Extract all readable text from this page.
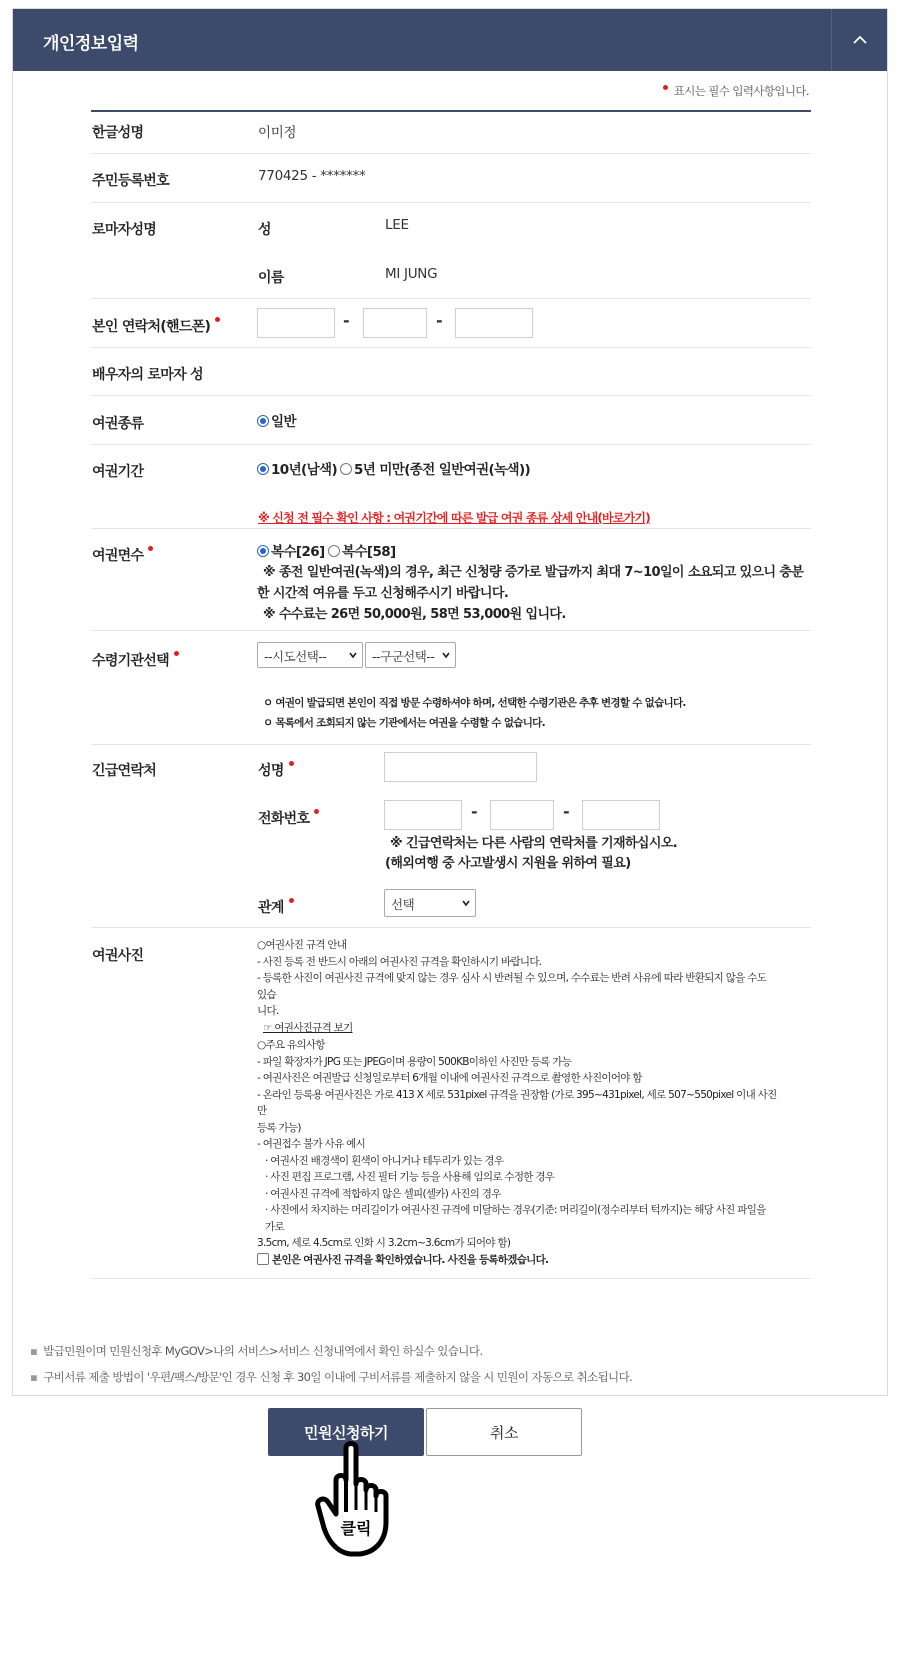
개인정보입력
표시는 필수 입력사항입니다.
한글성명	이미정
주민등록번호	770425 - *******
로마자성명	성	LEE
이름	MI JUNG
본인 연락처(핸드폰)	-	-
배우자의 로마자 성
여권종류	일반
여권기간	10년(남색)	5년 미만(종전 일반여권(녹색))
※ 신청 전 필수 확인 사항 : 여권기간에 따른 발급 여권 종류 상세 안내(바로가기)
여권면수	복수[26]	복수[58]
※ 종전 일반여권(녹색)의 경우, 최근 신청량 증가로 발급까지 최대 7~10일이 소요되고 있으니 충분
한 시간적 여유를 두고 신청해주시기 바랍니다.
※ 수수료는 26면 50,000원, 58면 53,000원 입니다.
수령기관선택	--시도선택--	--구군선택--
ㅇ 여권이 발급되면 본인이 직접 방문 수령하셔야 하며, 선택한 수령기관은 추후 변경할 수 없습니다.
ㅇ 목록에서 조회되지 않는 기관에서는 여권을 수령할 수 없습니다.
긴급연락처	성명
전화번호	-	-
※ 긴급연락처는 다른 사람의 연락처를 기재하십시오.
(해외여행 중 사고발생시 지원을 위하여 필요)
관계	선택
여권사진
○여권사진 규격 안내
- 사진 등록 전 반드시 아래의 여권사진 규격을 확인하시기 바랍니다.
- 등록한 사진이 여권사진 규격에 맞지 않는 경우 심사 시 반려될 수 있으며, 수수료는 반려 사유에 따라 반환되지 않을 수도 있습
니다.
☞ 여권사진규격 보기
○주요 유의사항
- 파일 확장자가 JPG 또는 JPEG이며 용량이 500KB이하인 사진만 등록 가능
- 여권사진은 여권발급 신청일로부터 6개월 이내에 여권사진 규격으로 촬영한 사진이어야 함
- 온라인 등록용 여권사진은 가로 413 X 세로 531pixel 규격을 권장함 (가로 395~431pixel, 세로 507~550pixel 이내 사진만
등록 가능)
- 여권접수 불가 사유 예시
· 여권사진 배경색이 흰색이 아니거나 테두리가 있는 경우
· 사진 편집 프로그램, 사진 필터 기능 등을 사용해 임의로 수정한 경우
· 여권사진 규격에 적합하지 않은 셀피(셀카) 사진의 경우
· 사진에서 차지하는 머리길이가 여권사진 규격에 미달하는 경우(기준: 머리길이(정수리부터 턱까지)는 해당 사진 파일을 가로
3.5cm, 세로 4.5cm로 인화 시 3.2cm~3.6cm가 되어야 함)
본인은 여권사진 규격을 확인하였습니다. 사진을 등록하겠습니다.
▪ 발급민원이며 민원신청후 MyGOV>나의 서비스>서비스 신청내역에서 확인 하실수 있습니다.
▪ 구비서류 제출 방법이 '우편/팩스/방문'인 경우 신청 후 30일 이내에 구비서류를 제출하지 않을 시 민원이 자동으로 취소됩니다.
민원신청하기	취소
클릭
